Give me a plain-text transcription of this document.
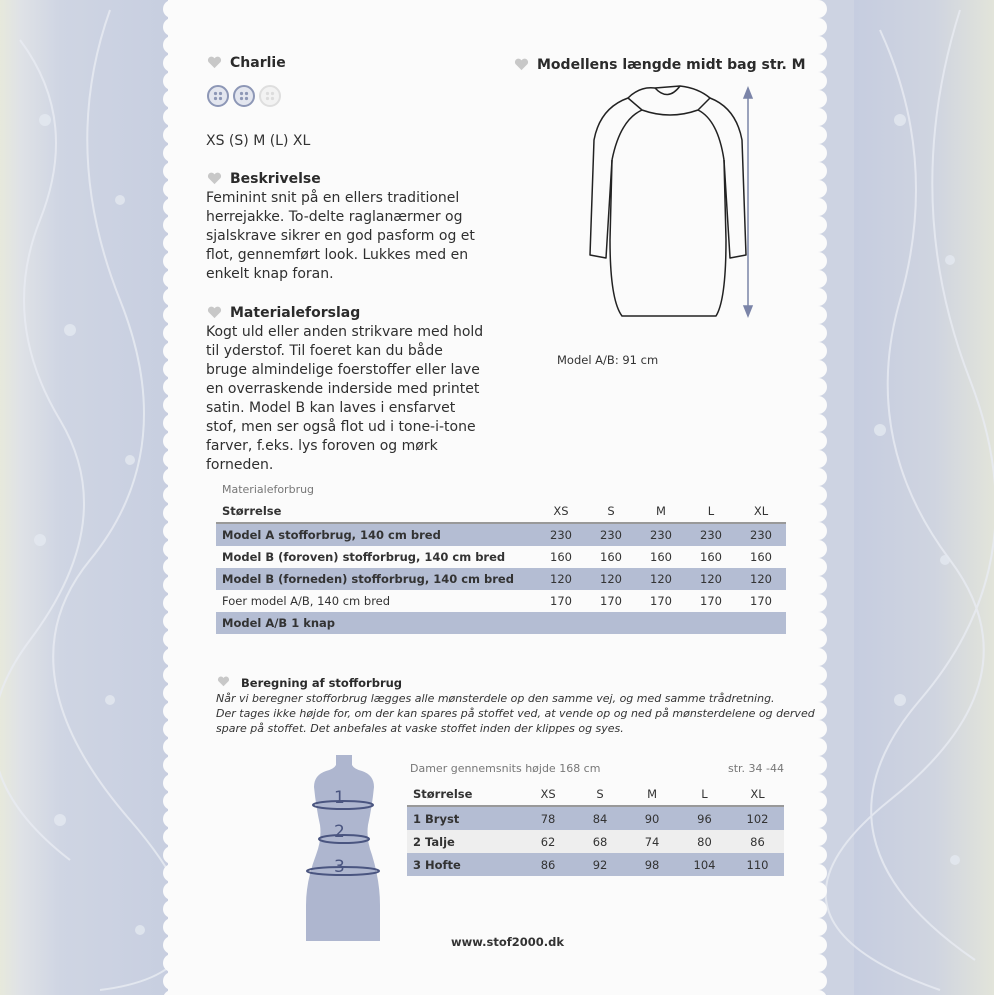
Charlie
XS (S) M (L) XL
Beskrivelse
Feminint snit på en ellers traditionel herrejakke. To-delte raglanærmer og sjalskrave sikrer en god pasform og et flot, gennemført look. Lukkes med en enkelt knap foran.
Materialeforslag
Kogt uld eller anden strikvare med hold til yderstof. Til foeret kan du både bruge almindelige foerstoffer eller lave en overraskende inderside med printet satin. Model B kan laves i ensfarvet stof, men ser også flot ud i tone-i-tone farver, f.eks. lys foroven og mørk forneden.
Modellens længde midt bag str. M
Model A/B: 91 cm
Materialeforbrug
Størrelse	XS	S	M	L	XL
Model A stofforbrug, 140 cm bred	230	230	230	230	230
Model B (foroven) stofforbrug, 140 cm bred	160	160	160	160	160
Model B (forneden) stofforbrug, 140 cm bred	120	120	120	120	120
Foer model A/B, 140 cm bred	170	170	170	170	170
Model A/B 1 knap					
Beregning af stofforbrug
Når vi beregner stofforbrug lægges alle mønsterdele op den samme vej, og med samme trådretning.
Der tages ikke højde for, om der kan spares på stoffet ved, at vende op og ned på mønsterdelene og derved
spare på stoffet. Det anbefales at vaske stoffet inden der klippes og syes.
1
2
3
Damer gennemsnits højde 168 cm	str. 34 -44
Størrelse	XS	S	M	L	XL
1 Bryst	78	84	90	96	102
2 Talje	62	68	74	80	86
3 Hofte	86	92	98	104	110
www.stof2000.dk
